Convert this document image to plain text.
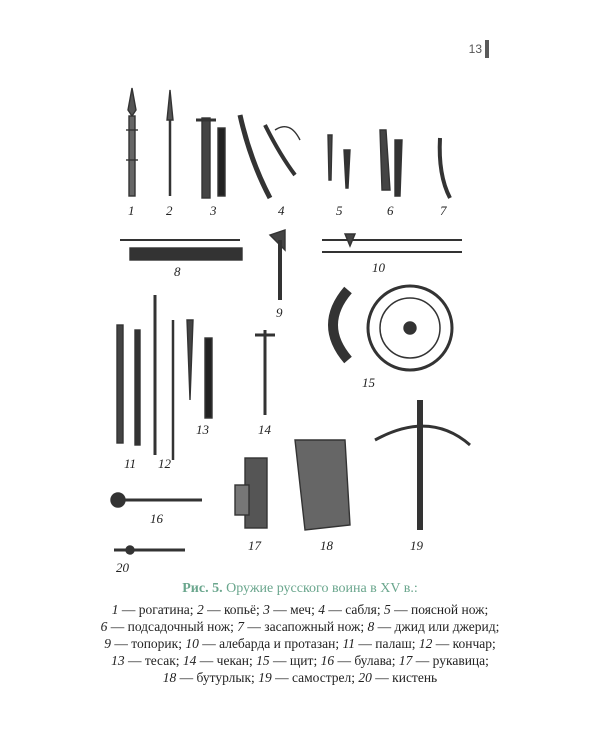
13
1 2	3	4	5	6	7
8
9
10
11 12
13	14
15
16
17	18	19
20

Рис. 5. Оружие русского воина в XV в.:

1 — рогатина; 2 — копьё; 3 — меч; 4 — сабля; 5 — поясной нож;

6 — подсадочный нож; 7 — засапожный нож; 8 — джид или джерид;

9 — топорик; 10 — алебарда и протазан; 11 — палаш; 12 — кончар;

13 — тесак; 14 — чекан; 15 — щит; 16 — булава; 17 — рукавица;

18 — бутурлык; 19 — самострел; 20 — кистень
